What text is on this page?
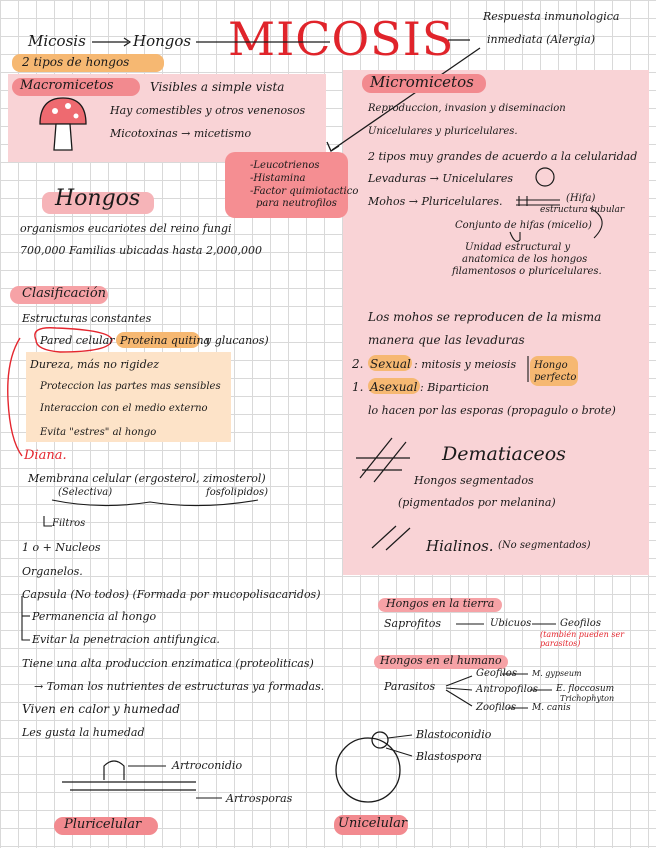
Micosis	Hongos MICOSIS	Respuesta inmunologica
inmediata (Alergia)
2 tipos de hongos
Macromicetos	Visibles a simple vista
Hay comestibles y otros venenosos
Micotoxinas → micetismo
-Leucotrienos
-Histamina
-Factor quimiotactico
para neutrofilos
Hongos
organismos eucariotes del reino fungi
700,000 Familias ubicadas hasta 2,000,000
Clasificación
Estructuras constantes
Pared celular Proteina quitina
y glucanos)
Dureza, más no rigidez
Proteccion las partes mas sensibles
Interaccion con el medio externo
Evita "estres" al hongo
Diana.
Membrana celular (ergosterol, zimosterol)
(Selectiva)	fosfolipidos)
Filtros
1 o + Nucleos
Organelos.
Capsula (No todos) (Formada por mucopolisacaridos)
Permanencia al hongo
Evitar la penetracion antifungica.
Tiene una alta produccion enzimatica (proteoliticas)
→ Toman los nutrientes de estructuras ya formadas.
Viven en calor y humedad
Les gusta la humedad
Artroconidio
Artrosporas
Pluricelular
Micromicetos
Reproduccion, invasion y diseminacion
Unicelulares y pluricelulares.
2 tipos muy grandes de acuerdo a la celularidad
Levaduras → Unicelulares
Mohos → Pluricelulares.	(Hifa)
estructura tubular
Conjunto de hifas (micelio)
Unidad estructural y
anatomica de los hongos
filamentosos o pluricelulares.
Los mohos se reproducen de la misma
manera que las levaduras
2. Sexual : mitosis y meiosis Hongo perfecto
1. Asexual : Biparticion
lo hacen por las esporas (propagulo o brote)
Dematiaceos
Hongos segmentados
(pigmentados por melanina)
Hialinos. (No segmentados)
Hongos en la tierra
Saprofitos	Ubicuos	Geofilos
(también pueden ser parasitos)
Hongos en el humano
Parasitos
Geofilos M. gypseum
Antropofilos E. floccosum
Trichophyton
Zoofilos M. canis
Blastoconidio
Blastospora
Unicelular
